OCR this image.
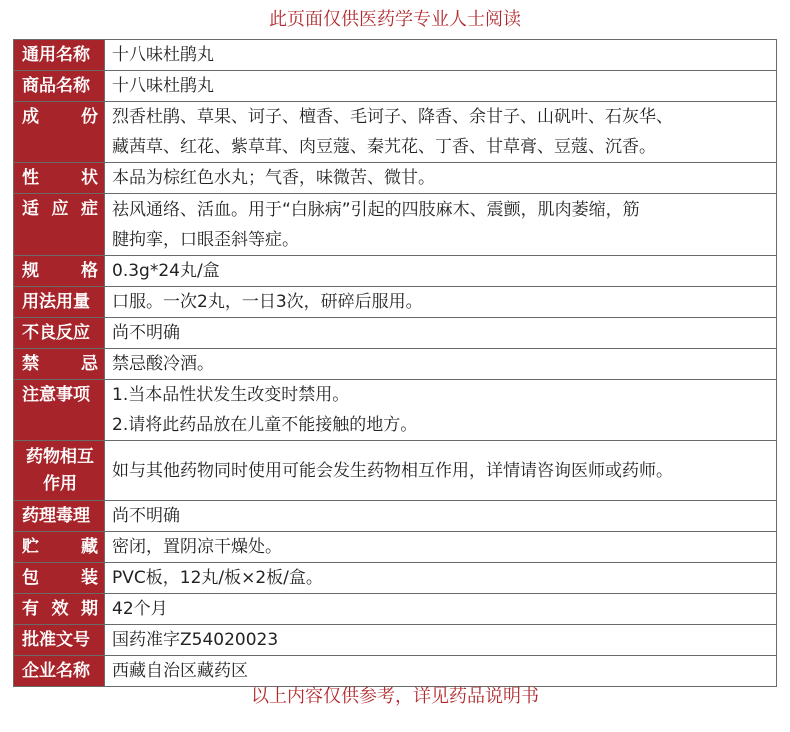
此页面仅供医药学专业人士阅读
通用名称	十八味杜鹃丸

商品名称	十八味杜鹃丸

成 份	烈香杜鹃、草果、诃子、檀香、毛诃子、降香、余甘子、山矾叶、石灰华、
藏茜草、红花、紫草茸、肉豆蔻、秦艽花、丁香、甘草膏、豆蔻、沉香。

性 状	本品为棕红色水丸；气香，味微苦、微甘。

适应症	祛风通络、活血。用于“白脉病”引起的四肢麻木、震颤，肌肉萎缩，筋
腱拘挛，口眼歪斜等症。

规 格	0.3g*24丸/盒

用法用量	口服。一次2丸，一日3次，研碎后服用。

不良反应	尚不明确

禁 忌	禁忌酸冷酒。

注意事项	1.当本品性状发生改变时禁用。
2.请将此药品放在儿童不能接触的地方。

药物相互作用	如与其他药物同时使用可能会发生药物相互作用，详情请咨询医师或药师。

药理毒理	尚不明确

贮 藏	密闭，置阴凉干燥处。

包 装	PVC板，12丸/板×2板/盒。

有效期	42个月

批准文号	国药准字Z54020023

企业名称	西藏自治区藏药区
以上内容仅供参考，详见药品说明书
